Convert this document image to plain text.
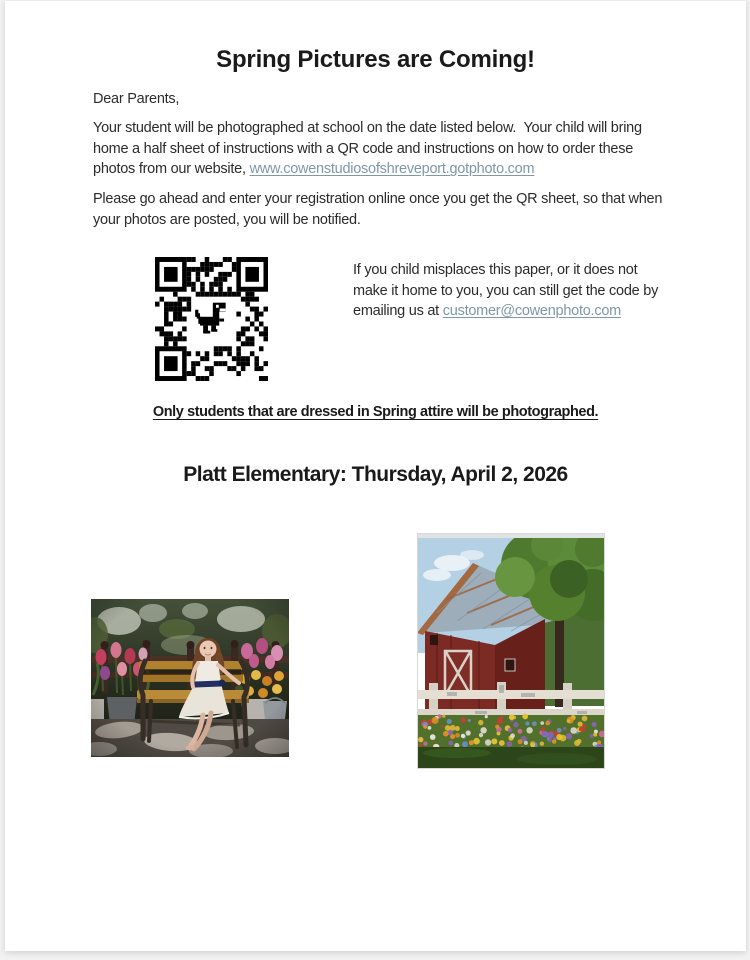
Spring Pictures are Coming!
Dear Parents,
Your student will be photographed at school on the date listed below.  Your child will bring
home a half sheet of instructions with a QR code and instructions on how to order these
photos from our website, www.cowenstudiosofshreveport.gotphoto.com
Please go ahead and enter your registration online once you get the QR sheet, so that when
your photos are posted, you will be notified.
If you child misplaces this paper, or it does not
make it home to you, you can still get the code by
emailing us at customer@cowenphoto.com
Only students that are dressed in Spring attire will be photographed.
Platt Elementary: Thursday, April 2, 2026
